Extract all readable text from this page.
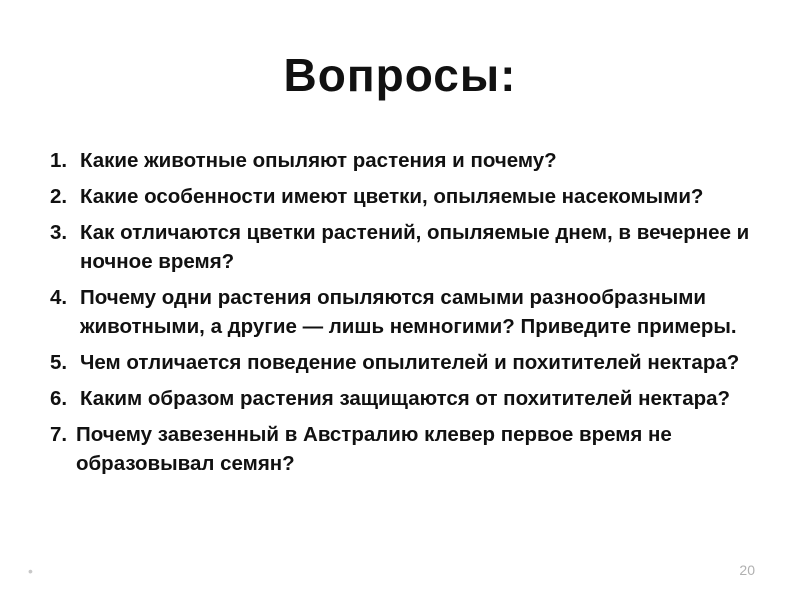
Вопросы:
1. Какие животные опыляют растения и почему?
2. Какие особенности имеют цветки, опыляемые насекомыми?
3. Как отличаются цветки растений, опыляемые днем, в вечернее и ночное время?
4. Почему одни растения опыляются самыми разнообразными животными, а другие — лишь немногими? Приведите примеры.
5. Чем отличается поведение опылителей и похитителей нектара?
6. Каким образом растения защищаются от похитителей нектара?
7. Почему завезенный в Австралию клевер первое время не образовывал семян?
•	20
